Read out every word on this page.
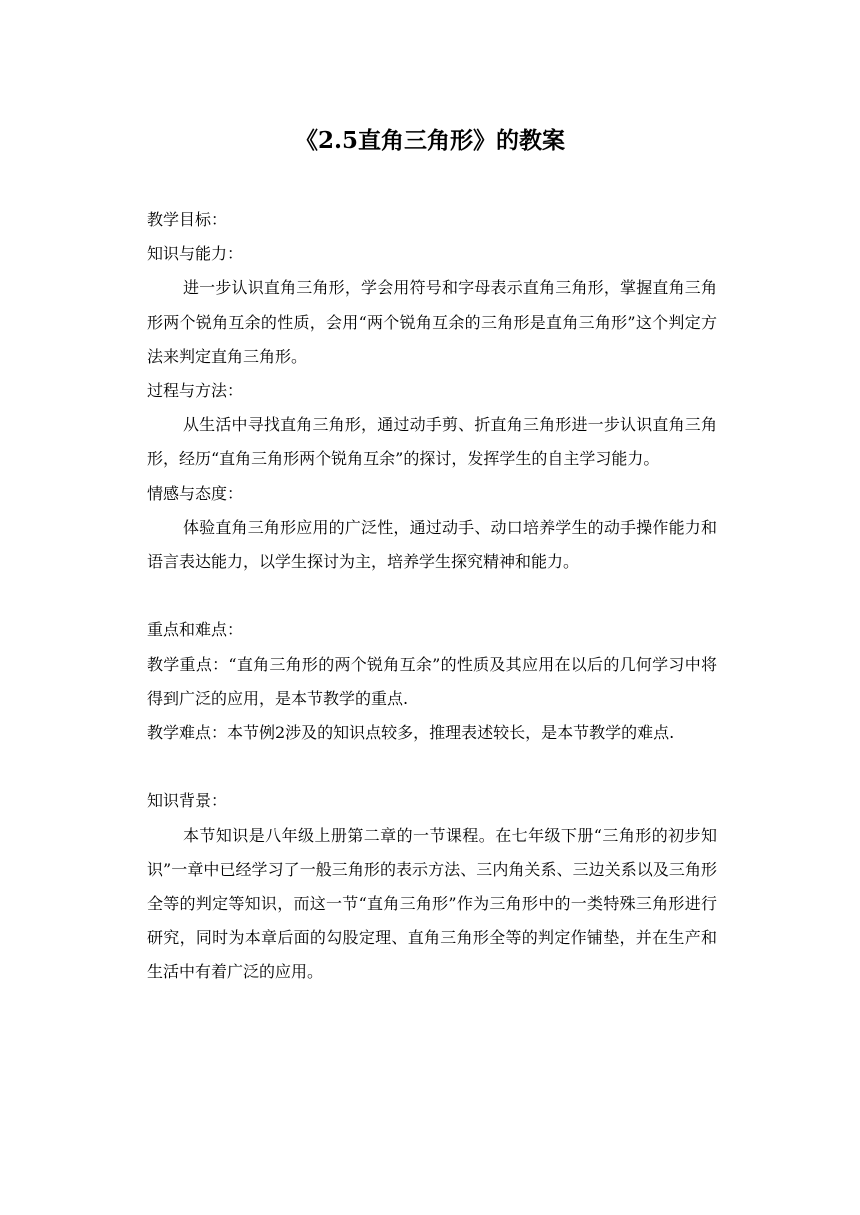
《2.5直角三角形》的教案

教学目标：

知识与能力：

进一步认识直角三角形，学会用符号和字母表示直角三角形，掌握直角三角形两个锐角互余的性质，会用“两个锐角互余的三角形是直角三角形”这个判定方法来判定直角三角形。

过程与方法：

从生活中寻找直角三角形，通过动手剪、折直角三角形进一步认识直角三角形，经历“直角三角形两个锐角互余”的探讨，发挥学生的自主学习能力。

情感与态度：

体验直角三角形应用的广泛性，通过动手、动口培养学生的动手操作能力和语言表达能力，以学生探讨为主，培养学生探究精神和能力。

重点和难点：

教学重点：“直角三角形的两个锐角互余”的性质及其应用在以后的几何学习中将得到广泛的应用，是本节教学的重点.

教学难点：本节例2涉及的知识点较多，推理表述较长，是本节教学的难点.

知识背景：

本节知识是八年级上册第二章的一节课程。在七年级下册“三角形的初步知识”一章中已经学习了一般三角形的表示方法、三内角关系、三边关系以及三角形全等的判定等知识，而这一节“直角三角形”作为三角形中的一类特殊三角形进行研究，同时为本章后面的勾股定理、直角三角形全等的判定作铺垫，并在生产和生活中有着广泛的应用。
